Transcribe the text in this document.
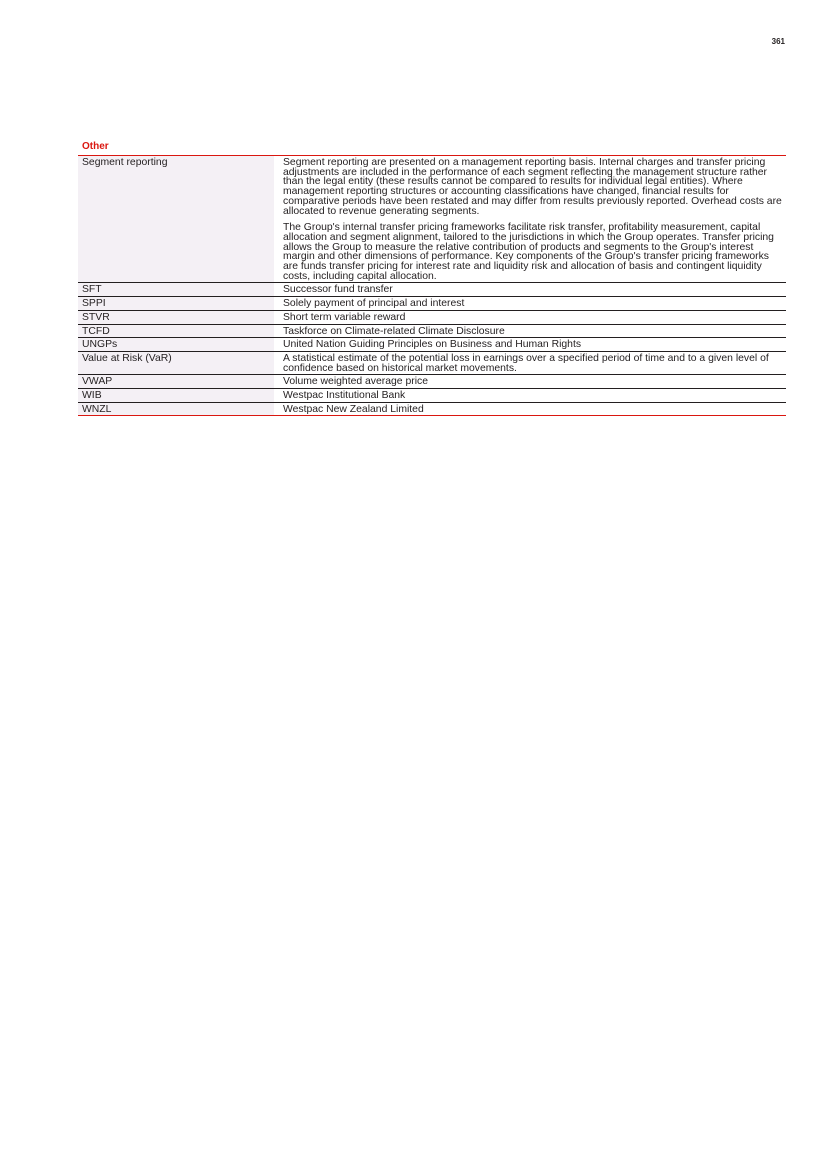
361
Other
Segment reporting	Segment reporting are presented on a management reporting basis. Internal charges and transfer pricing adjustments are included in the performance of each segment reflecting the management structure rather than the legal entity (these results cannot be compared to results for individual legal entities). Where management reporting structures or accounting classifications have changed, financial results for comparative periods have been restated and may differ from results previously reported. Overhead costs are allocated to revenue generating segments.

The Group's internal transfer pricing frameworks facilitate risk transfer, profitability measurement, capital allocation and segment alignment, tailored to the jurisdictions in which the Group operates. Transfer pricing allows the Group to measure the relative contribution of products and segments to the Group's interest margin and other dimensions of performance. Key components of the Group's transfer pricing frameworks are funds transfer pricing for interest rate and liquidity risk and allocation of basis and contingent liquidity costs, including capital allocation.

SFT	Successor fund transfer

SPPI	Solely payment of principal and interest

STVR	Short term variable reward

TCFD	Taskforce on Climate-related Climate Disclosure

UNGPs	United Nation Guiding Principles on Business and Human Rights

Value at Risk (VaR)	A statistical estimate of the potential loss in earnings over a specified period of time and to a given level of confidence based on historical market movements.

VWAP	Volume weighted average price

WIB	Westpac Institutional Bank

WNZL	Westpac New Zealand Limited
